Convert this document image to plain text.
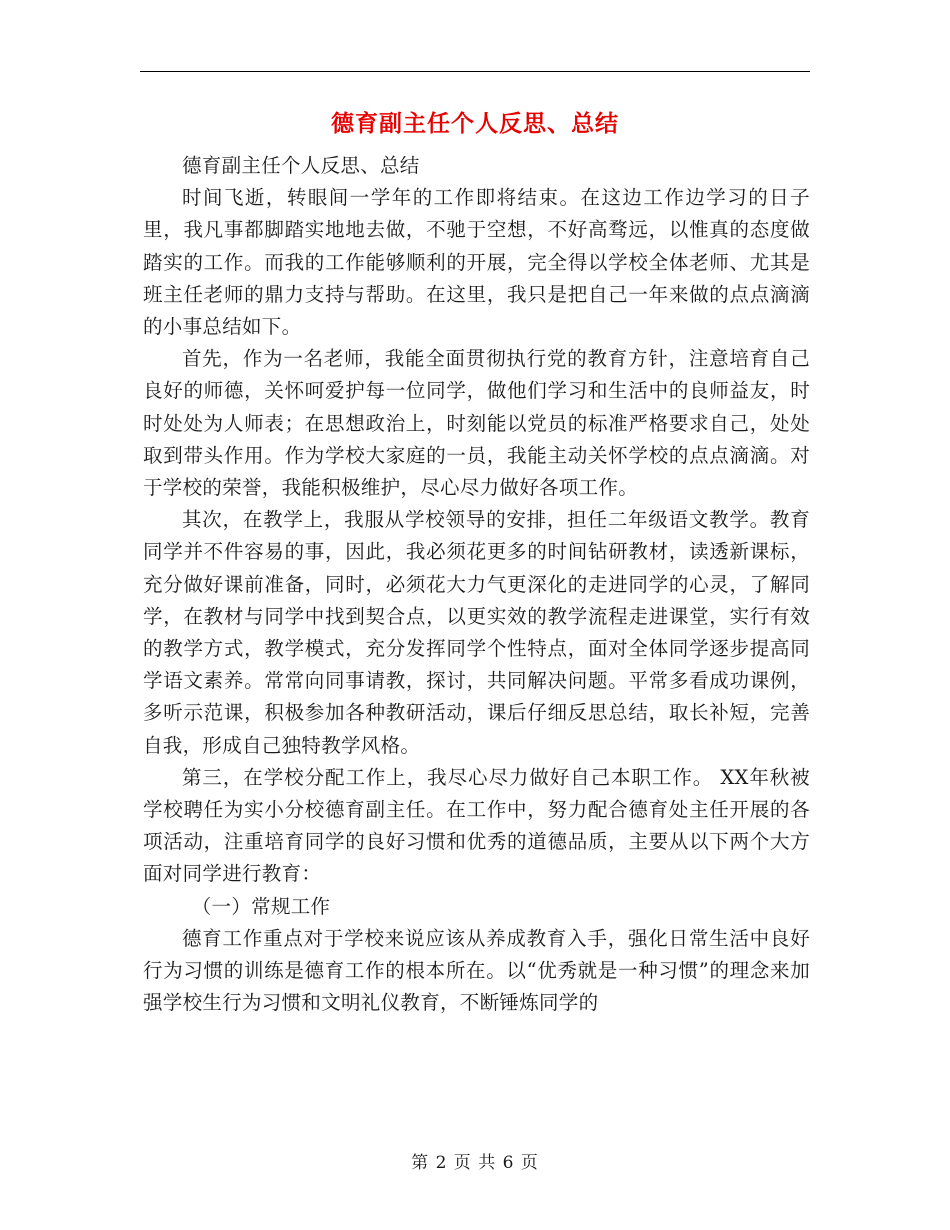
德育副主任个人反思、总结

德育副主任个人反思、总结

时间飞逝，转眼间一学年的工作即将结束。在这边工作边学习的日子里，我凡事都脚踏实地地去做，不驰于空想，不好高骛远，以惟真的态度做踏实的工作。而我的工作能够顺利的开展，完全得以学校全体老师、尤其是班主任老师的鼎力支持与帮助。在这里，我只是把自己一年来做的点点滴滴的小事总结如下。

首先，作为一名老师，我能全面贯彻执行党的教育方针，注意培育自己良好的师德，关怀呵爱护每一位同学，做他们学习和生活中的良师益友，时时处处为人师表；在思想政治上，时刻能以党员的标准严格要求自己，处处取到带头作用。作为学校大家庭的一员，我能主动关怀学校的点点滴滴。对于学校的荣誉，我能积极维护，尽心尽力做好各项工作。

其次，在教学上，我服从学校领导的安排，担任二年级语文教学。教育同学并不件容易的事，因此，我必须花更多的时间钻研教材，读透新课标，充分做好课前准备，同时，必须花大力气更深化的走进同学的心灵，了解同学，在教材与同学中找到契合点，以更实效的教学流程走进课堂，实行有效的教学方式，教学模式，充分发挥同学个性特点，面对全体同学逐步提高同学语文素养。常常向同事请教，探讨，共同解决问题。平常多看成功课例，多听示范课，积极参加各种教研活动，课后仔细反思总结，取长补短，完善自我，形成自己独特教学风格。

第三，在学校分配工作上，我尽心尽力做好自己本职工作。 XX年秋被学校聘任为实小分校德育副主任。在工作中，努力配合德育处主任开展的各项活动，注重培育同学的良好习惯和优秀的道德品质，主要从以下两个大方面对同学进行教育：

（一）常规工作

德育工作重点对于学校来说应该从养成教育入手，强化日常生活中良好行为习惯的训练是德育工作的根本所在。以“优秀就是一种习惯”的理念来加强学校生行为习惯和文明礼仪教育，不断锤炼同学的

第 2 页 共 6 页
